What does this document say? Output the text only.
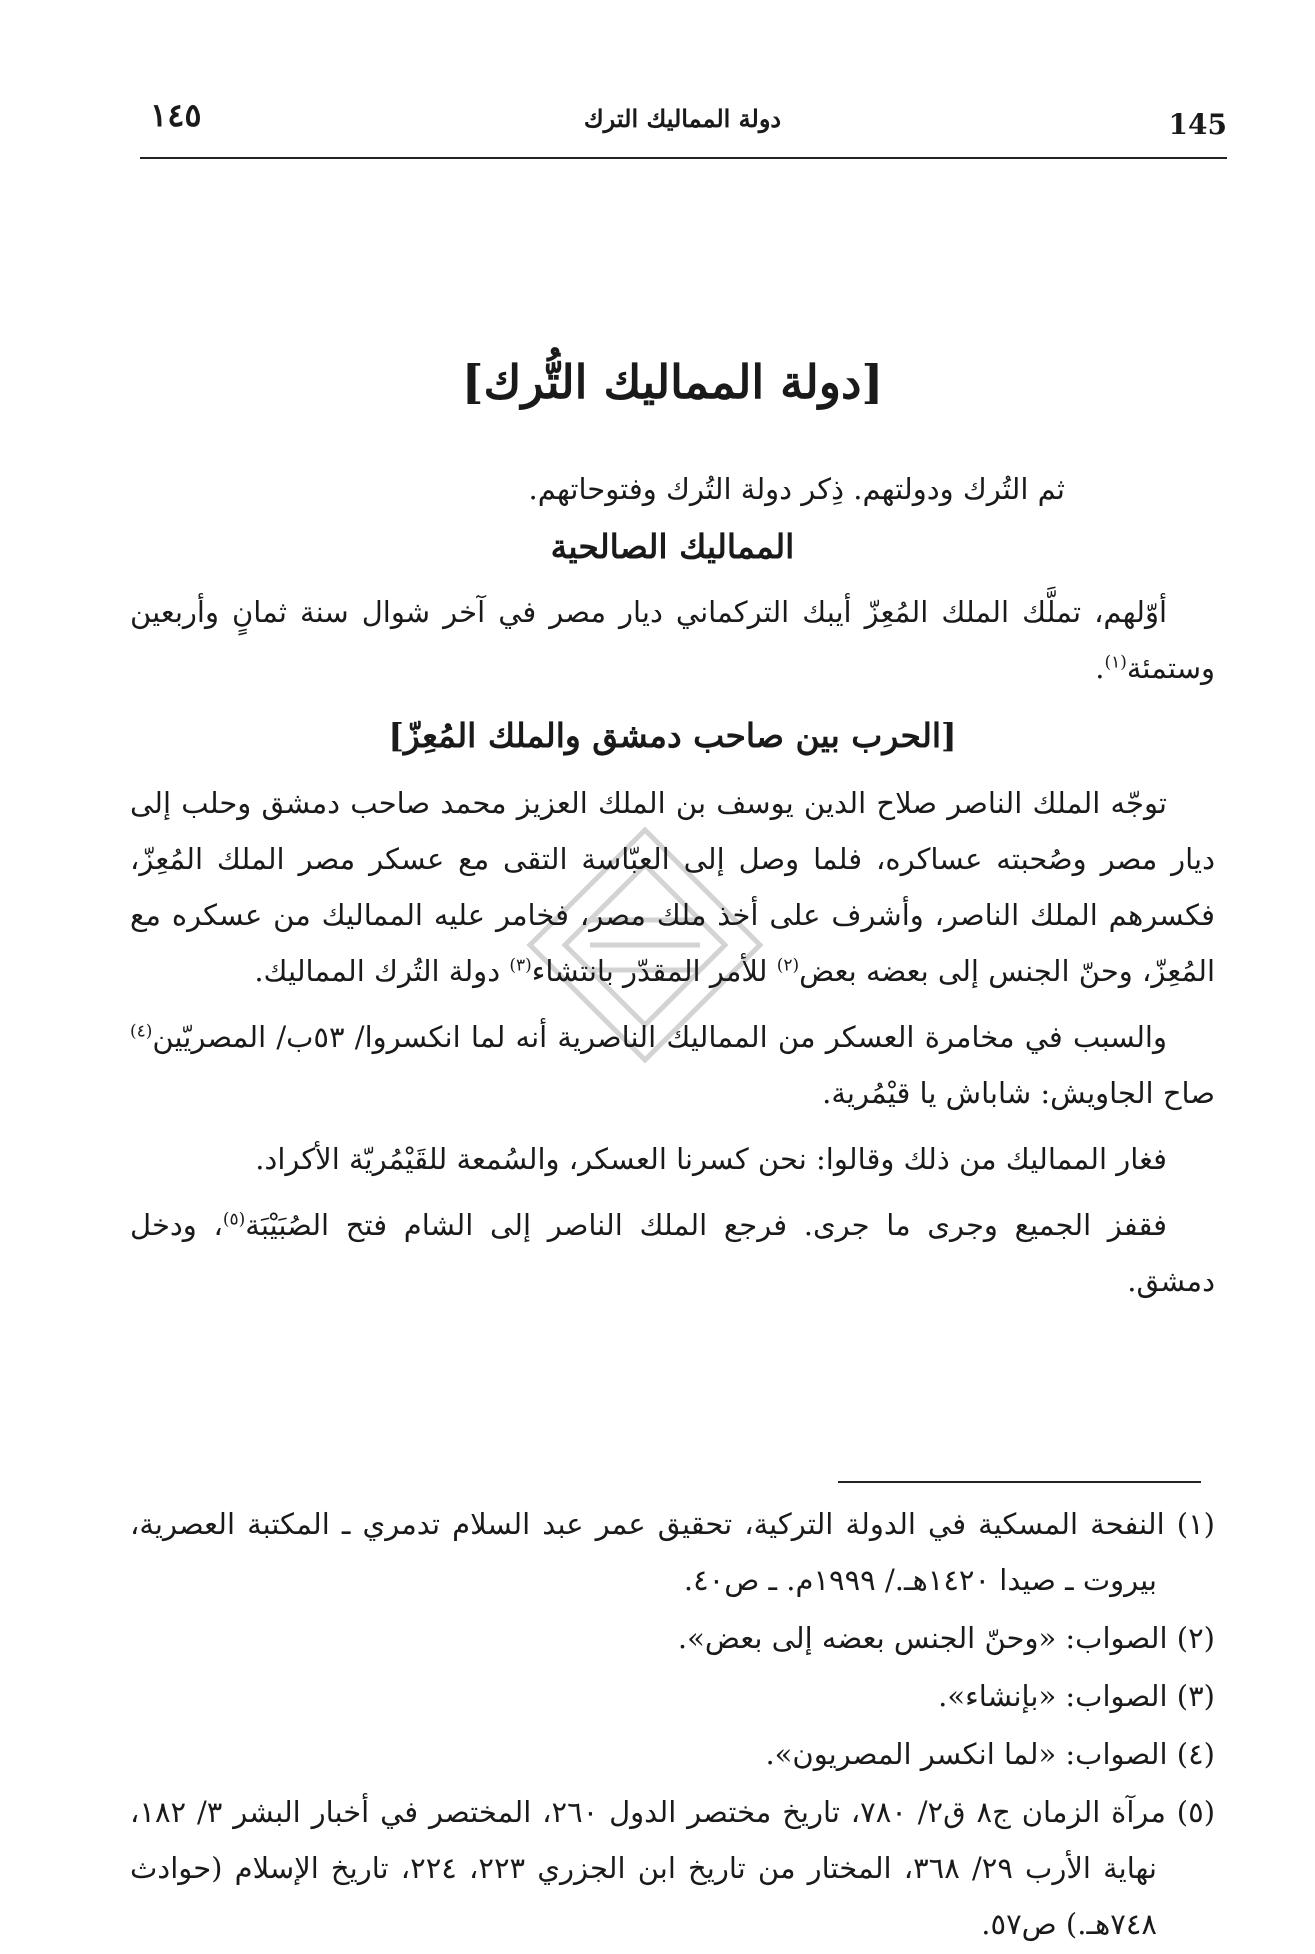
١٤٥	دولة المماليك الترك	145
[دولة المماليك التُّرك]

ثم التُرك ودولتهم. ذِكر دولة التُرك وفتوحاتهم.

المماليك الصالحية

أوّلهم، تملَّك الملك المُعِزّ أيبك التركماني ديار مصر في آخر شوال سنة ثمانٍ وأربعين وستمئة$^{(١)}$.

[الحرب بين صاحب دمشق والملك المُعِزّ]

توجّه الملك الناصر صلاح الدين يوسف بن الملك العزيز محمد صاحب دمشق وحلب إلى ديار مصر وصُحبته عساكره، فلما وصل إلى العبّاسة التقى مع عسكر مصر الملك المُعِزّ، فكسرهم الملك الناصر، وأشرف على أخذ ملك مصر، فخامر عليه المماليك من عسكره مع المُعِزّ، وحنّ الجنس إلى بعضه بعض$^{(٢)}$ للأمر المقدّر بانتشاء$^{(٣)}$ دولة التُرك المماليك.

والسبب في مخامرة العسكر من المماليك الناصرية أنه لما انكسروا/ ٥٣ب/ المصريّين$^{(٤)}$ صاح الجاويش: شاباش يا قيْمُرية.

فغار المماليك من ذلك وقالوا: نحن كسرنا العسكر، والسُمعة للقَيْمُريّة الأكراد.

فقفز الجميع وجرى ما جرى. فرجع الملك الناصر إلى الشام فتح الصُبَيْبَة$^{(٥)}$، ودخل دمشق.

(١) النفحة المسكية في الدولة التركية، تحقيق عمر عبد السلام تدمري ـ المكتبة العصرية، بيروت ـ صيدا ١٤٢٠هـ./ ١٩٩٩م. ـ ص٤٠.

(٢) الصواب: «وحنّ الجنس بعضه إلى بعض».

(٣) الصواب: «بإنشاء».

(٤) الصواب: «لما انكسر المصريون».

(٥) مرآة الزمان ج٨ ق٢/ ٧٨٠، تاريخ مختصر الدول ٢٦٠، المختصر في أخبار البشر ٣/ ١٨٢، نهاية الأرب ٢٩/ ٣٦٨، المختار من تاريخ ابن الجزري ٢٢٣، ٢٢٤، تاريخ الإسلام (حوادث ٧٤٨هـ.) ص٥٧.
